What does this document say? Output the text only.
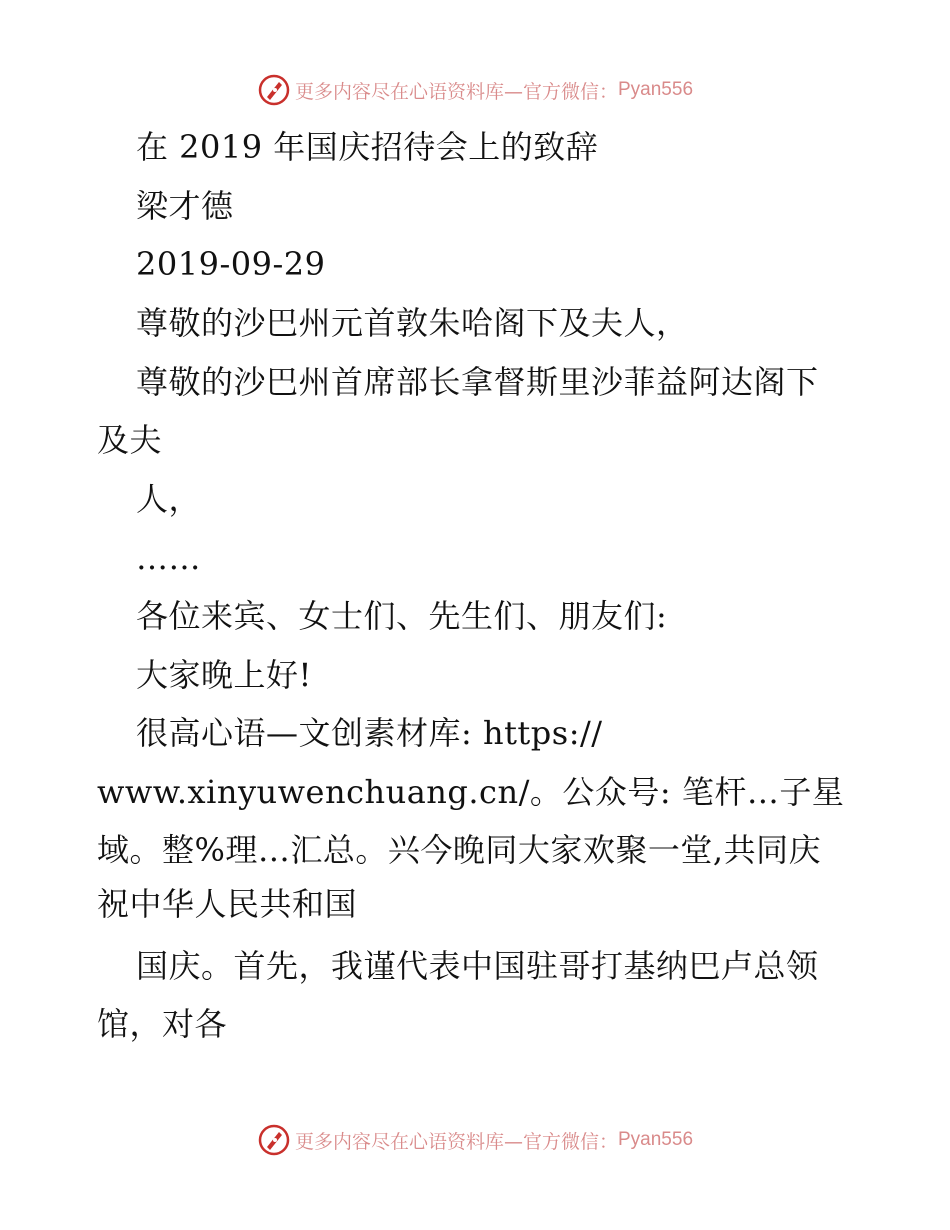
更多内容尽在心语资料库—官方微信： Pyan556
在 2019 年国庆招待会上的致辞
梁才德
2019-09-29
尊敬的沙巴州元首敦朱哈阁下及夫人，
尊敬的沙巴州首席部长拿督斯里沙菲益阿达阁下
及夫
人，
……
各位来宾、女士们、先生们、朋友们:
大家晚上好!
很高心语—文创素材库: https://
www.xinyuwenchuang.cn/。公众号: 笔杆…子星
域。整%理…汇总。兴今晚同大家欢聚一堂,共同庆
祝中华人民共和国
国庆。首先，我谨代表中国驻哥打基纳巴卢总领
馆，对各
更多内容尽在心语资料库—官方微信： Pyan556
